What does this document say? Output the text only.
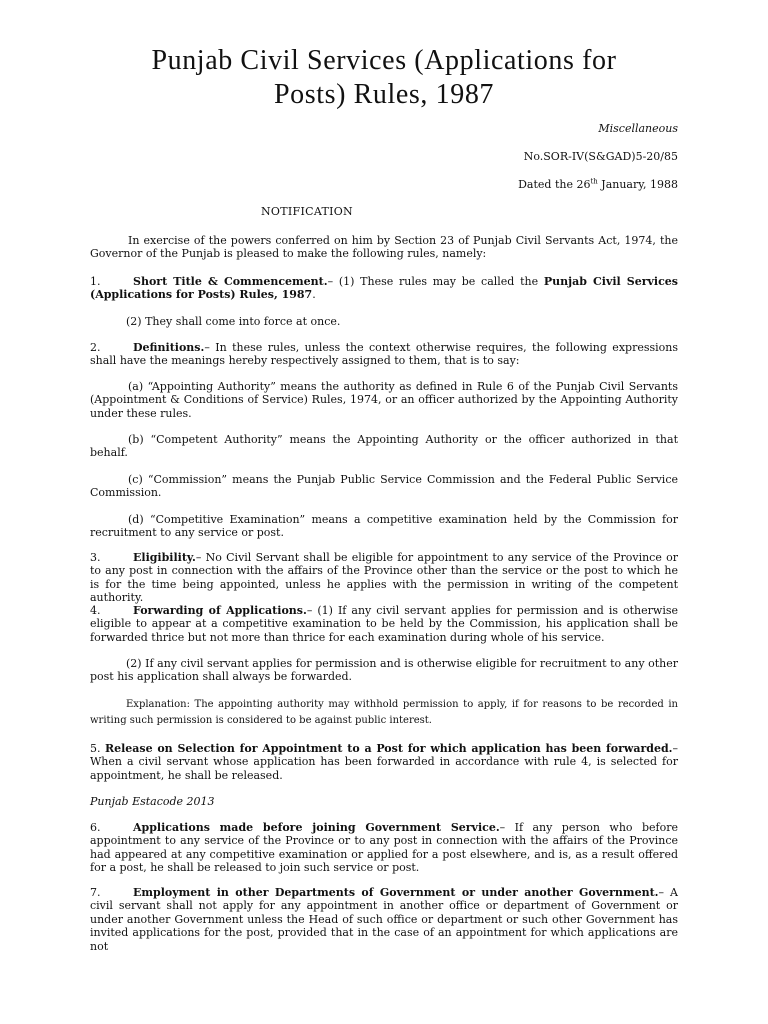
Punjab Civil Services (Applications for
Posts) Rules, 1987

Miscellaneous

No.SOR-IV(S&GAD)5-20/85

Dated the 26th January, 1988

NOTIFICATION

In exercise of the powers conferred on him by Section 23 of Punjab Civil Servants Act, 1974, the Governor of the Punjab is pleased to make the following rules, namely:

1.	Short Title & Commencement.– (1) These rules may be called the Punjab Civil Services (Applications for Posts) Rules, 1987.

(2) They shall come into force at once.

2.	Definitions.– In these rules, unless the context otherwise requires, the following expressions shall have the meanings hereby respectively assigned to them, that is to say:

(a) “Appointing Authority” means the authority as defined in Rule 6 of the Punjab Civil Servants (Appointment & Conditions of Service) Rules, 1974, or an officer authorized by the Appointing Authority under these rules.

(b) “Competent Authority” means the Appointing Authority or the officer authorized in that behalf.

(c) “Commission” means the Punjab Public Service Commission and the Federal Public Service Commission.

(d) “Competitive Examination” means a competitive examination held by the Commission for recruitment to any service or post.

3.	Eligibility.– No Civil Servant shall be eligible for appointment to any service of the Province or to any post in connection with the affairs of the Province other than the service or the post to which he is for the time being appointed, unless he applies with the permission in writing of the competent authority.

4.	Forwarding of Applications.– (1) If any civil servant applies for permission and is otherwise eligible to appear at a competitive examination to be held by the Commission, his application shall be forwarded thrice but not more than thrice for each examination during whole of his service.

(2) If any civil servant applies for permission and is otherwise eligible for recruitment to any other post his application shall always be forwarded.

Explanation: The appointing authority may withhold permission to apply, if for reasons to be recorded in writing such permission is considered to be against public interest.

5. Release on Selection for Appointment to a Post for which application has been forwarded.– When a civil servant whose application has been forwarded in accordance with rule 4, is selected for appointment, he shall be released.

Punjab Estacode 2013

6.	Applications made before joining Government Service.– If any person who before appointment to any service of the Province or to any post in connection with the affairs of the Province had appeared at any competitive examination or applied for a post elsewhere, and is, as a result offered for a post, he shall be released to join such service or post.

7.	Employment in other Departments of Government or under another Government.– A civil servant shall not apply for any appointment in another office or department of Government or under another Government unless the Head of such office or department or such other Government has invited applications for the post, provided that in the case of an appointment for which applications are not
